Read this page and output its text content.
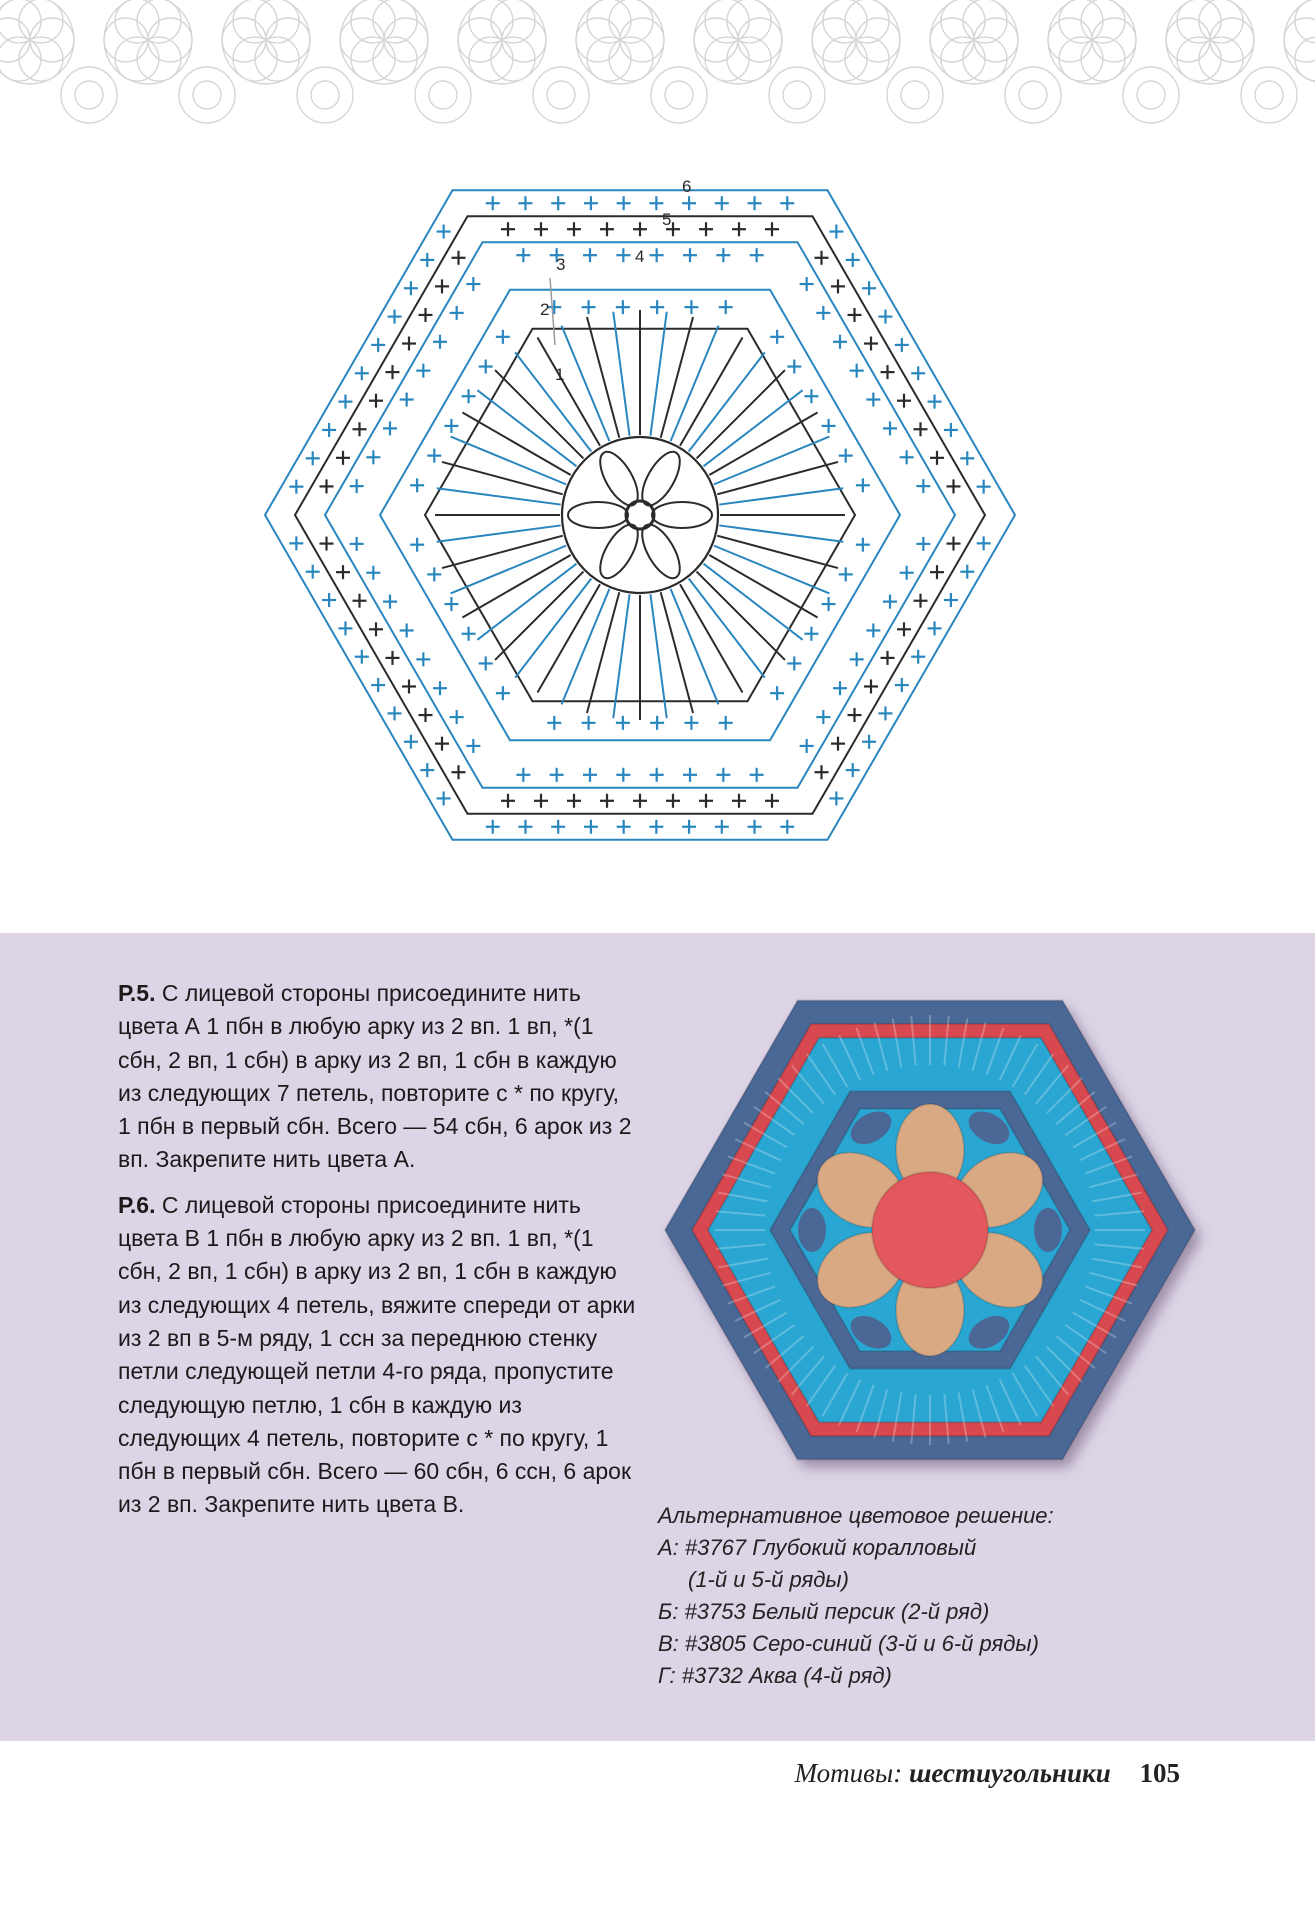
1
2
3	4
5
6

Р.5. С лицевой стороны присоедините нить цвета А 1 пбн в любую арку из 2 вп. 1 вп, *(1 сбн, 2 вп, 1 сбн) в арку из 2 вп, 1 сбн в каждую из следующих 7 петель, повторите с * по кругу, 1 пбн в первый сбн. Всего — 54 сбн, 6 арок из 2 вп. Закрепите нить цвета А.

Р.6. С лицевой стороны присоедините нить цвета В 1 пбн в любую арку из 2 вп. 1 вп, *(1 сбн, 2 вп, 1 сбн) в арку из 2 вп, 1 сбн в каждую из следующих 4 петель, вяжите спереди от арки из 2 вп в 5-м ряду, 1 ссн за переднюю стенку петли следующей петли 4-го ряда, пропустите следующую петлю, 1 сбн в каждую из следующих 4 петель, повторите с * по кругу, 1 пбн в первый сбн. Всего — 60 сбн, 6 ссн, 6 арок из 2 вп. Закрепите нить цвета В.	Альтернативное цветовое решение:
А: #3767 Глубокий коралловый
(1-й и 5-й ряды)
Б: #3753 Белый персик (2-й ряд)
В: #3805 Серо-синий (3-й и 6-й ряды)
Г: #3732 Аква (4-й ряд)
Мотивы: шестиугольники 105
